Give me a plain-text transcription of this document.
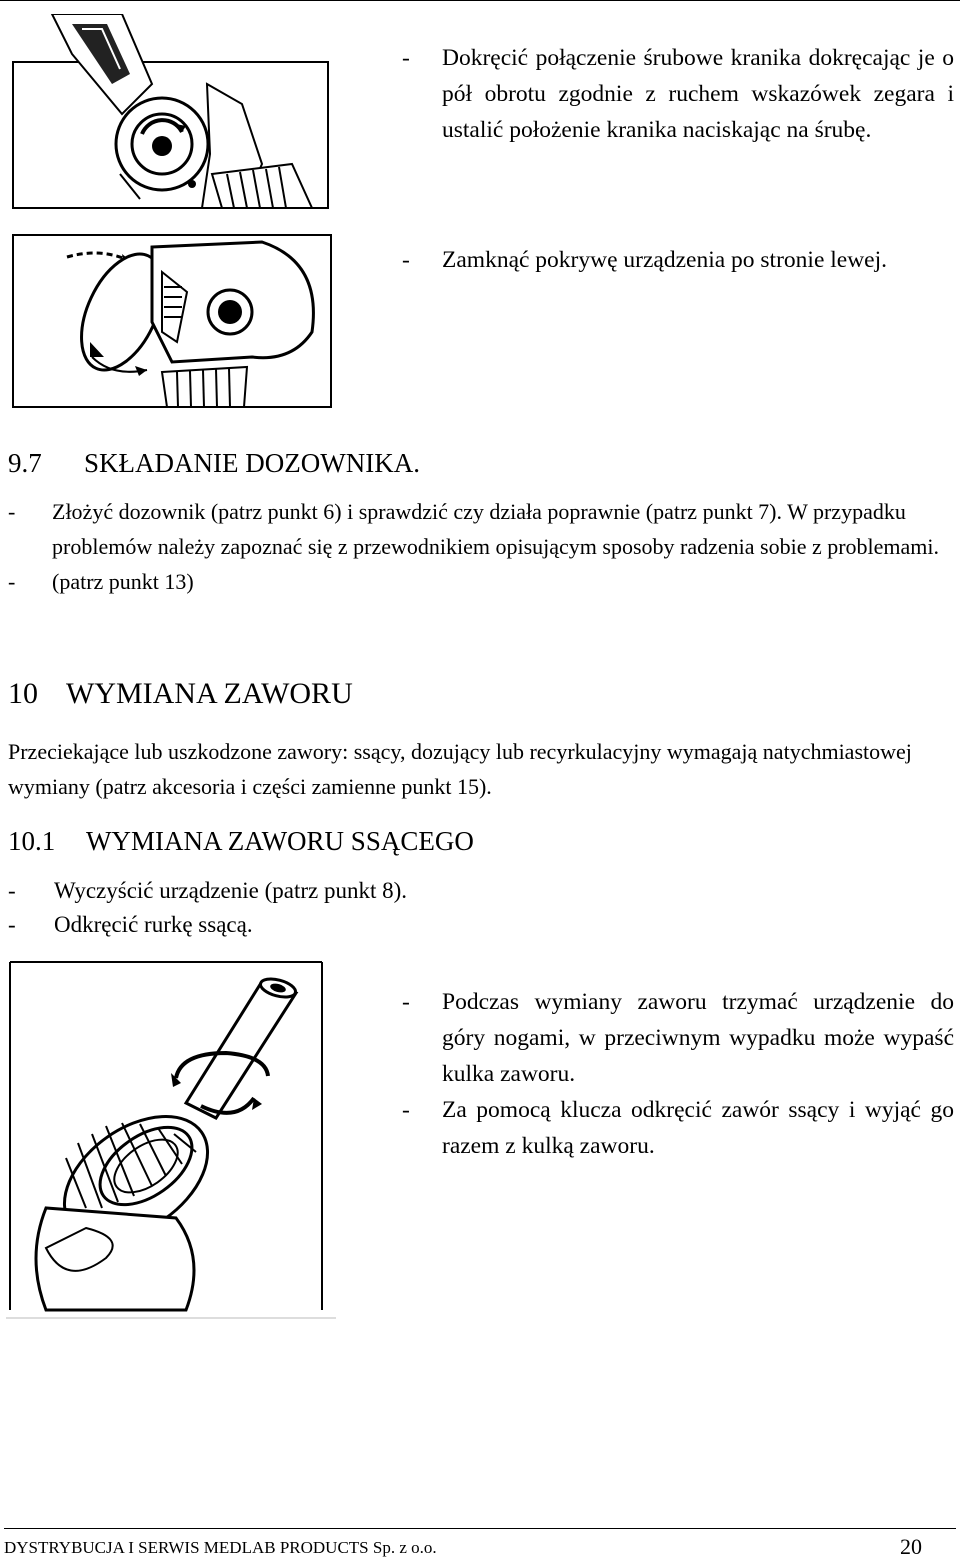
- Dokręcić połączenie śrubowe kranika dokręcając je o pół obrotu zgodnie z ruchem wskazówek zegara i ustalić położenie kranika naciskając na śrubę.
- Zamknąć pokrywę urządzenia po stronie lewej.
9.7 SKŁADANIE DOZOWNIKA.
- Złożyć dozownik (patrz punkt 6) i sprawdzić czy działa poprawnie (patrz punkt 7). W przypadku problemów należy zapoznać się z przewodnikiem opisującym sposoby radzenia sobie z problemami.
- (patrz punkt 13)
10 WYMIANA ZAWORU
Przeciekające lub uszkodzone zawory: ssący, dozujący lub recyrkulacyjny wymagają natychmiastowej wymiany (patrz akcesoria i części zamienne punkt 15).
10.1 WYMIANA ZAWORU SSĄCEGO
- Wyczyścić urządzenie (patrz punkt 8).
- Odkręcić rurkę ssącą.
- Podczas wymiany zaworu trzymać urządzenie do góry nogami, w przeciwnym wypadku może wypaść kulka zaworu.
- Za pomocą klucza odkręcić zawór ssący i wyjąć go razem z kulką zaworu.
DYSTRYBUCJA I SERWIS MEDLAB PRODUCTS Sp. z o.o.	20
